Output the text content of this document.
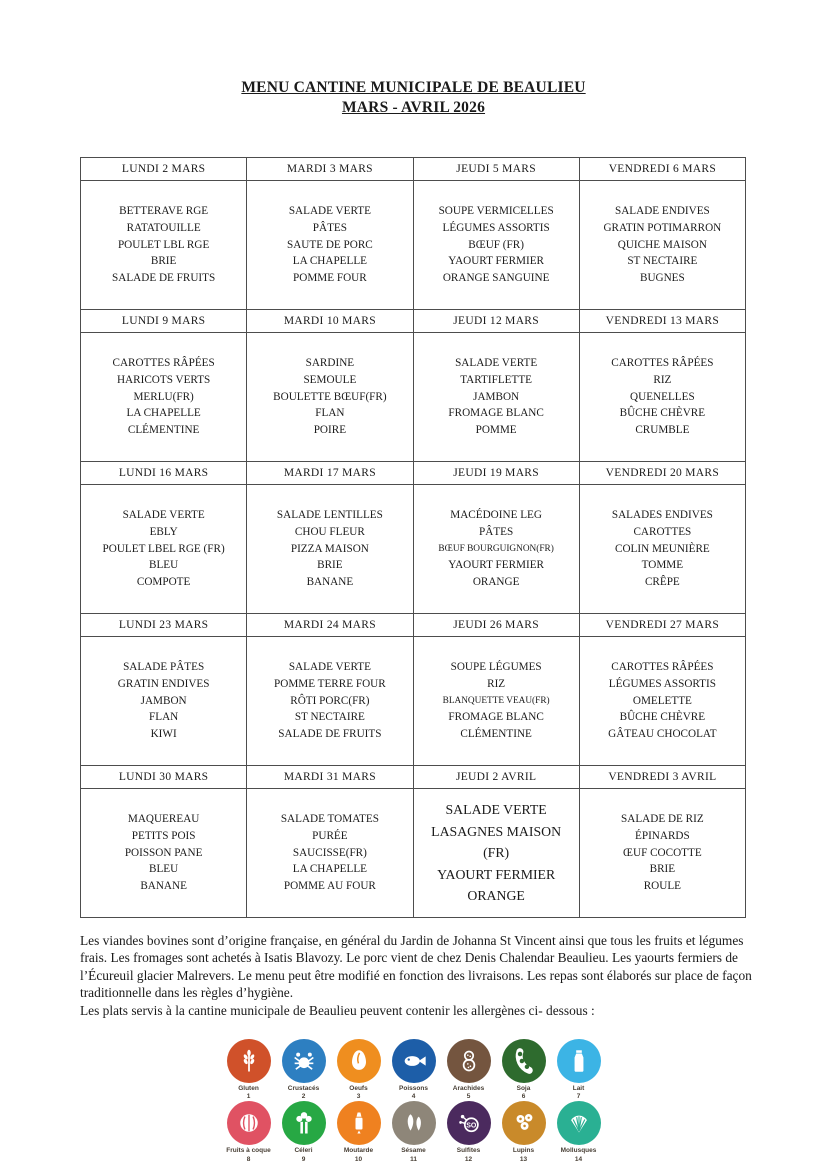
MENU CANTINE MUNICIPALE DE BEAULIEU
MARS - AVRIL 2026
LUNDI 2 MARS	MARDI 3 MARS	JEUDI 5 MARS	VENDREDI 6 MARS

BETTERAVE RGE
RATATOUILLE
POULET LBL RGE
BRIE
SALADE DE FRUITS

SALADE VERTE
PÂTES
SAUTE DE PORC
LA CHAPELLE
POMME FOUR

SOUPE VERMICELLES
LÉGUMES ASSORTIS
BŒUF (FR)
YAOURT FERMIER
ORANGE SANGUINE

SALADE ENDIVES
GRATIN POTIMARRON
QUICHE MAISON
ST NECTAIRE
BUGNES

LUNDI 9 MARS	MARDI 10 MARS	JEUDI 12 MARS	VENDREDI 13 MARS

CAROTTES RÂPÉES
HARICOTS VERTS
MERLU(FR)
LA CHAPELLE
CLÉMENTINE

SARDINE
SEMOULE
BOULETTE BŒUF(FR)
FLAN
POIRE

SALADE VERTE
TARTIFLETTE
JAMBON
FROMAGE BLANC
POMME

CAROTTES RÂPÉES
RIZ
QUENELLES
BÛCHE CHÈVRE
CRUMBLE

LUNDI 16 MARS	MARDI 17 MARS	JEUDI 19 MARS	VENDREDI 20 MARS

SALADE VERTE
EBLY
POULET LBEL RGE (FR)
BLEU
COMPOTE

SALADE LENTILLES
CHOU FLEUR
PIZZA MAISON
BRIE
BANANE

MACÉDOINE LEG
PÂTES
BŒUF BOURGUIGNON(FR)
YAOURT FERMIER
ORANGE

SALADES ENDIVES
CAROTTES
COLIN MEUNIÈRE
TOMME
CRÊPE

LUNDI 23 MARS	MARDI 24 MARS	JEUDI 26 MARS	VENDREDI 27 MARS

SALADE PÂTES
GRATIN ENDIVES
JAMBON
FLAN
KIWI

SALADE VERTE
POMME TERRE FOUR
RÔTI PORC(FR)
ST NECTAIRE
SALADE DE FRUITS

SOUPE LÉGUMES
RIZ
BLANQUETTE VEAU(FR)
FROMAGE BLANC
CLÉMENTINE

CAROTTES RÂPÉES
LÉGUMES ASSORTIS
OMELETTE
BÛCHE CHÈVRE
GÂTEAU CHOCOLAT

LUNDI 30 MARS	MARDI 31 MARS	JEUDI 2 AVRIL	VENDREDI 3 AVRIL

MAQUEREAU
PETITS POIS
POISSON PANE
BLEU
BANANE

SALADE TOMATES
PURÉE
SAUCISSE(FR)
LA CHAPELLE
POMME AU FOUR

SALADE VERTE
LASAGNES MAISON
(FR)
YAOURT FERMIER
ORANGE

SALADE DE RIZ
ÉPINARDS
ŒUF COCOTTE
BRIE
ROULE

Les viandes bovines sont d’origine française, en général du Jardin de Johanna St Vincent ainsi que tous les fruits et légumes frais. Les fromages sont achetés à Isatis Blavozy. Le porc vient de chez Denis Chalendar Beaulieu. Les yaourts fermiers de l’Écureuil glacier Malrevers. Le menu peut être modifié en fonction des livraisons. Les repas sont élaborés sur place de façon traditionnelle dans les règles d’hygiène.

Les plats servis à la cantine municipale de Beaulieu peuvent contenir les allergènes ci- dessous :

Gluten
1
Crustacés
2
Oeufs
3
Poissons
4
Arachides
5
Soja
6
Lait
7
Fruits à coque
8
Céleri
9
Moutarde
10
Sésame
11
SO
Sulfites
12
Lupins
13
Mollusques
14
